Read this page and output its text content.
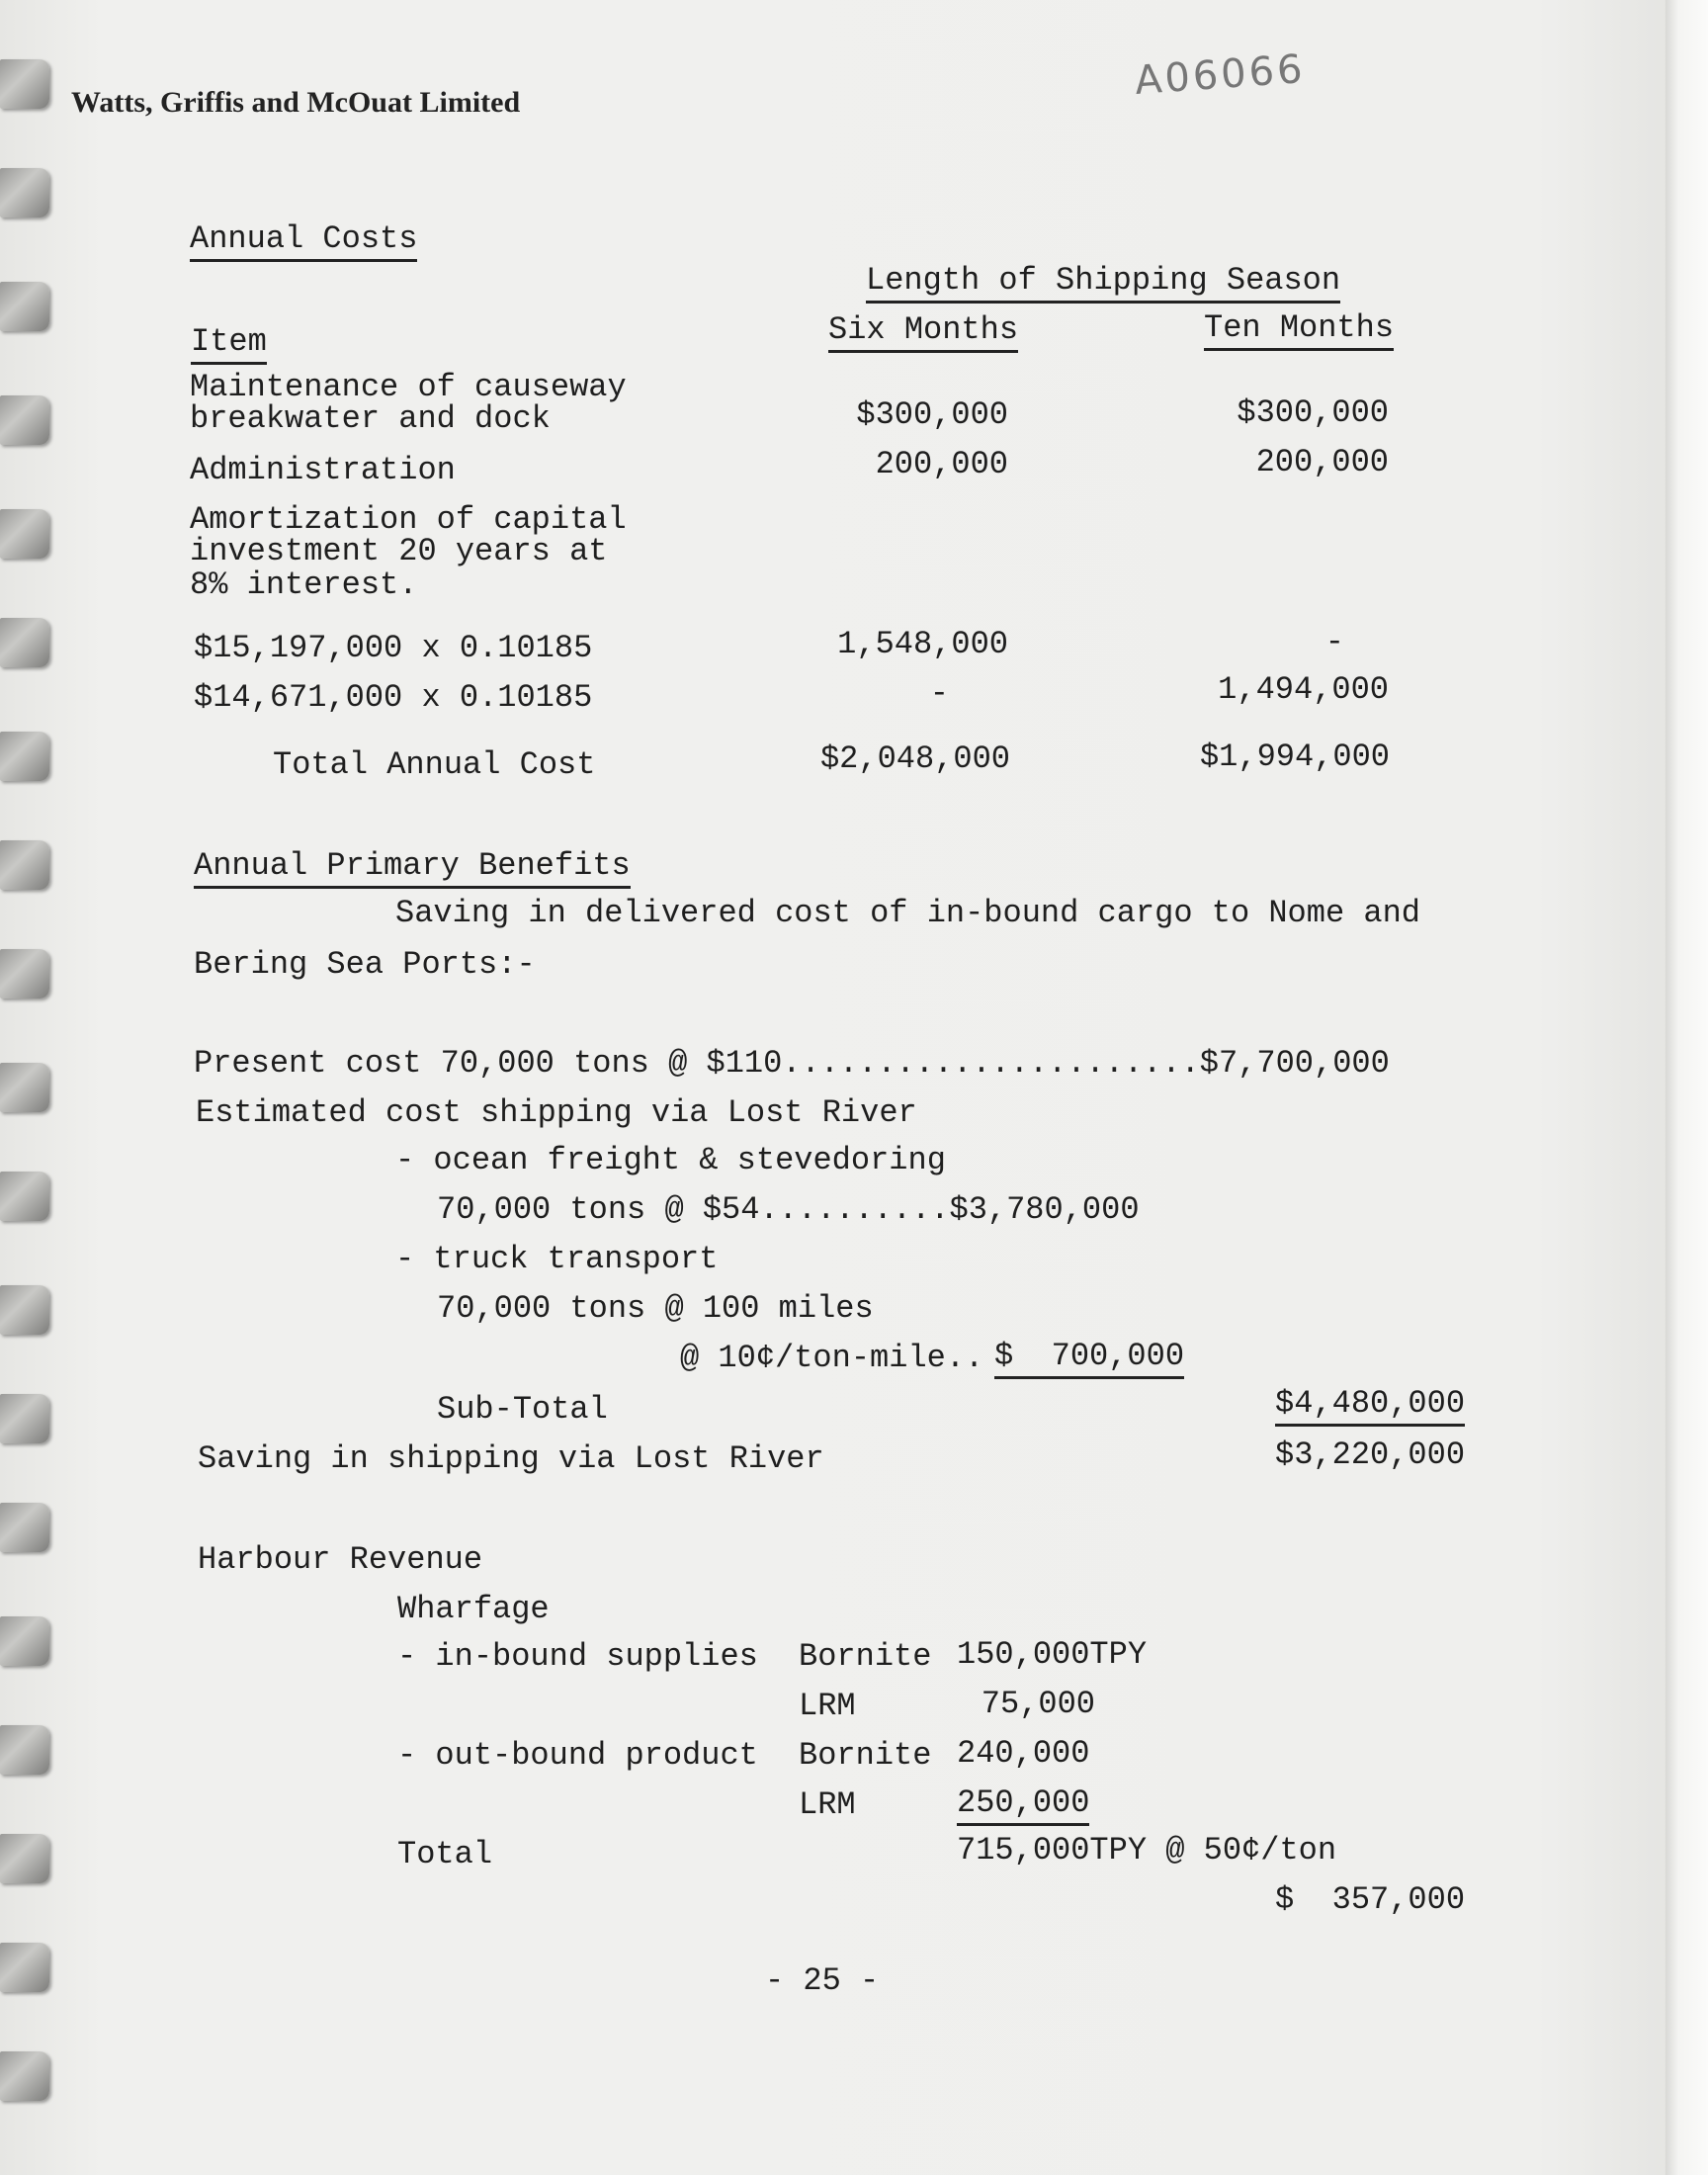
Watts, Griffis and McOuat Limited	A06066
Annual Costs
Length of Shipping Season
Item	Six Months	Ten Months
Maintenance of causeway
breakwater and dock	$300,000	$300,000
Administration	200,000	200,000
Amortization of capital
investment 20 years at
8% interest.
$15,197,000 x 0.10185	1,548,000	-
$14,671,000 x 0.10185	-	1,494,000
Total Annual Cost	$2,048,000	$1,994,000
Annual Primary Benefits
Saving in delivered cost of in-bound cargo to Nome and
Bering Sea Ports:-
Present cost 70,000 tons @ $110......................$7,700,000
Estimated cost shipping via Lost River
- ocean freight & stevedoring
70,000 tons @ $54..........$3,780,000
- truck transport
70,000 tons @ 100 miles
@ 10¢/ton-mile.. $  700,000
Sub-Total	$4,480,000
Saving in shipping via Lost River	$3,220,000
Harbour Revenue
Wharfage
- in-bound supplies Bornite 150,000TPY
LRM	75,000
- out-bound product Bornite 240,000
LRM	250,000
Total	715,000TPY @ 50¢/ton
$  357,000
- 25 -
